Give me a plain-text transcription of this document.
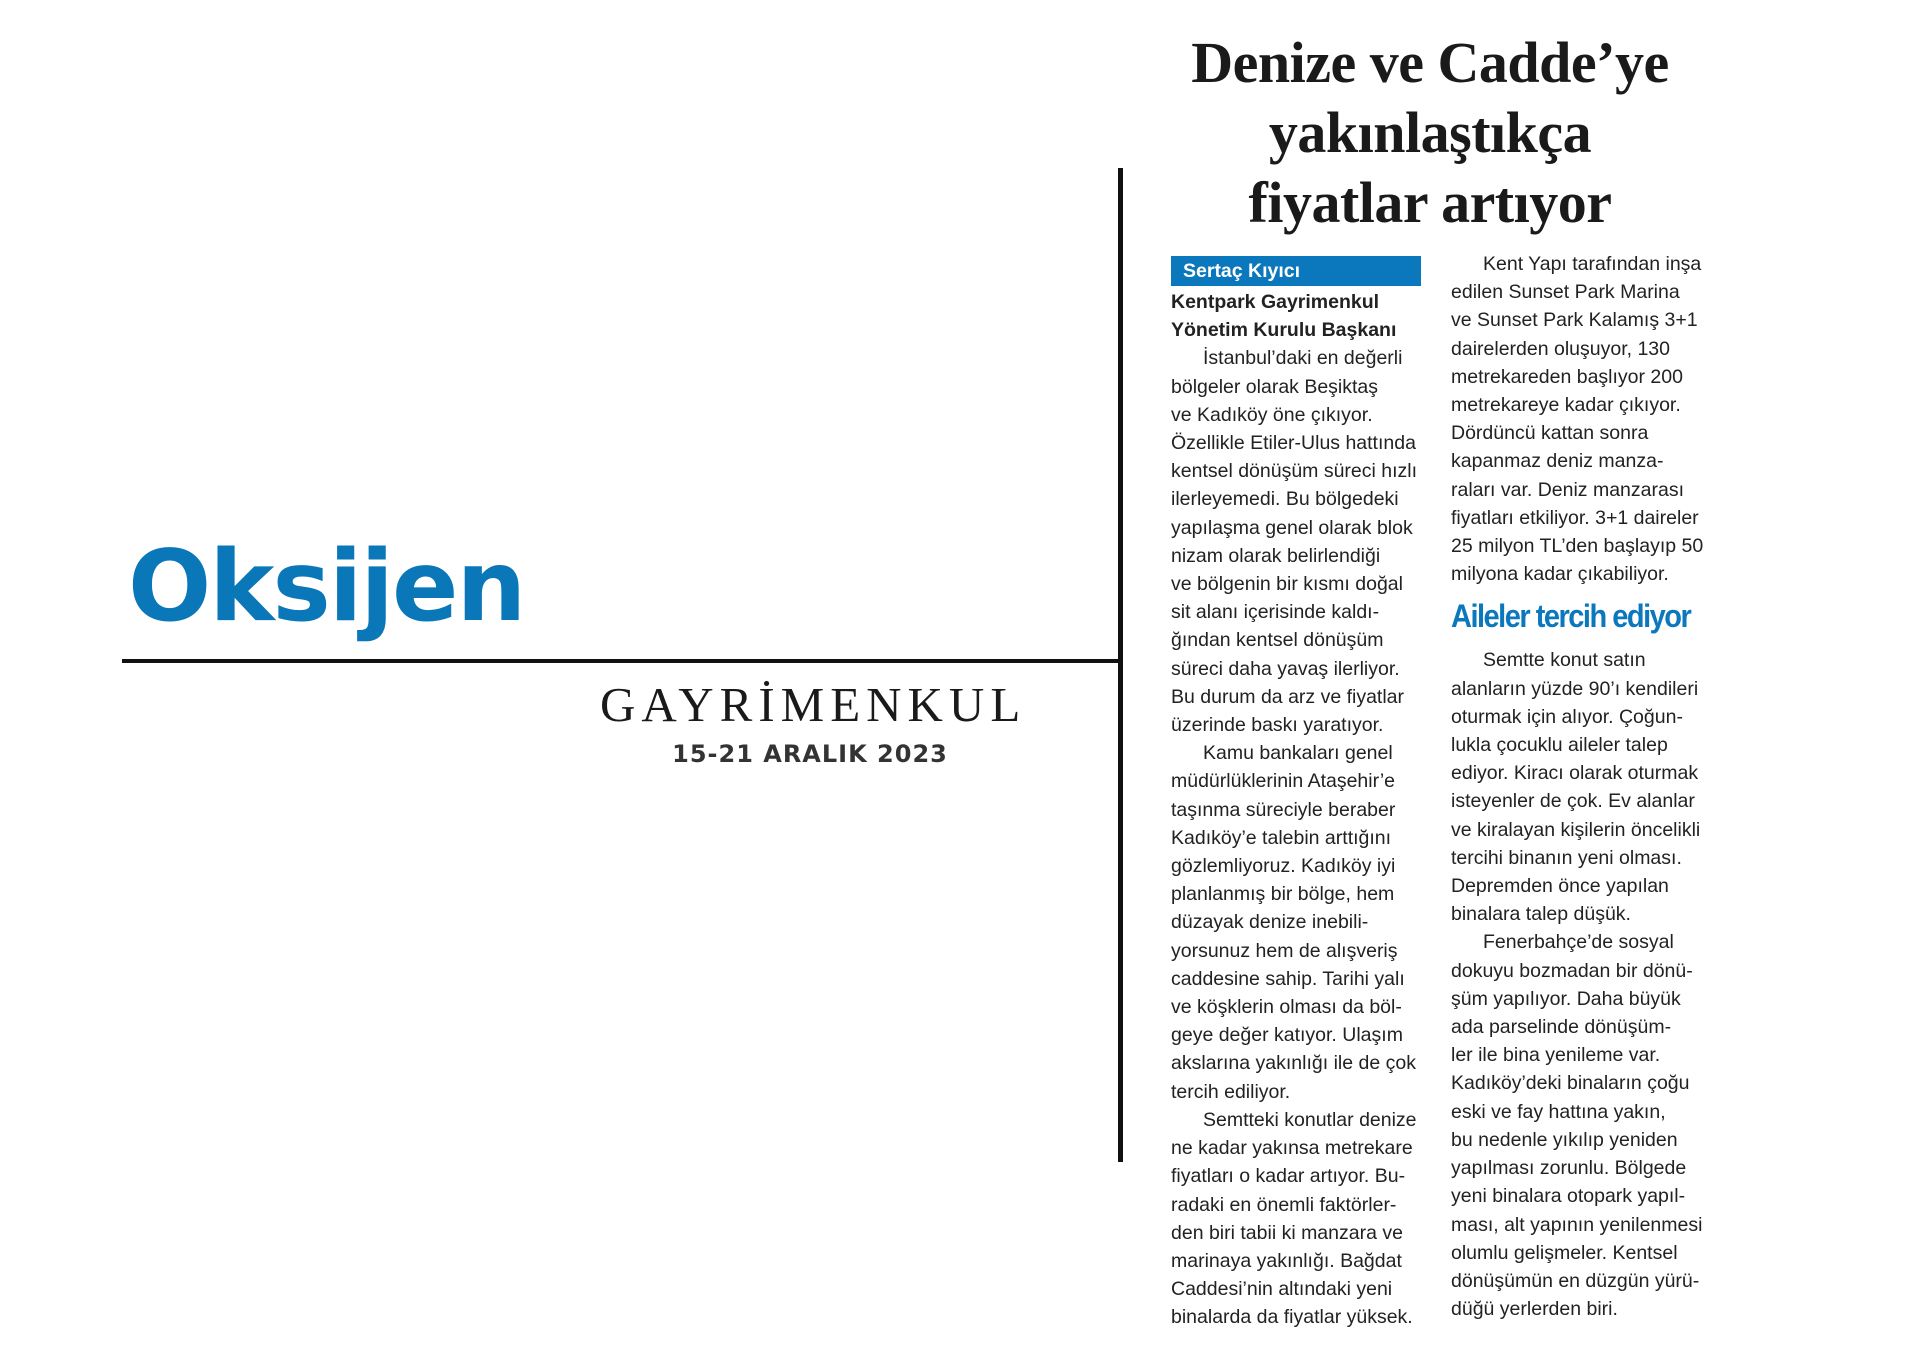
Oksijen
GAYRİMENKUL
15-21 ARALIK 2023
Denize ve Cadde’ye
yakınlaştıkça
fiyatlar artıyor
Sertaç Kıyıcı
Kentpark Gayrimenkul
Yönetim Kurulu Başkanı
İstanbul’daki en değerli
bölgeler olarak Beşiktaş
ve Kadıköy öne çıkıyor.
Özellikle Etiler-Ulus hattında
kentsel dönüşüm süreci hızlı
ilerleyemedi. Bu bölgedeki
yapılaşma genel olarak blok
nizam olarak belirlendiği
ve bölgenin bir kısmı doğal
sit alanı içerisinde kaldı-
ğından kentsel dönüşüm
süreci daha yavaş ilerliyor.
Bu durum da arz ve fiyatlar
üzerinde baskı yaratıyor.
Kamu bankaları genel
müdürlüklerinin Ataşehir’e
taşınma süreciyle beraber
Kadıköy’e talebin arttığını
gözlemliyoruz. Kadıköy iyi
planlanmış bir bölge, hem
düzayak denize inebili-
yorsunuz hem de alışveriş
caddesine sahip. Tarihi yalı
ve köşklerin olması da böl-
geye değer katıyor. Ulaşım
akslarına yakınlığı ile de çok
tercih ediliyor.
Semtteki konutlar denize
ne kadar yakınsa metrekare
fiyatları o kadar artıyor. Bu-
radaki en önemli faktörler-
den biri tabii ki manzara ve
marinaya yakınlığı. Bağdat
Caddesi’nin altındaki yeni
binalarda da fiyatlar yüksek.
Kent Yapı tarafından inşa
edilen Sunset Park Marina
ve Sunset Park Kalamış 3+1
dairelerden oluşuyor, 130
metrekareden başlıyor 200
metrekareye kadar çıkıyor.
Dördüncü kattan sonra
kapanmaz deniz manza-
raları var. Deniz manzarası
fiyatları etkiliyor. 3+1 daireler
25 milyon TL’den başlayıp 50
milyona kadar çıkabiliyor.
Aileler tercih ediyor
Semtte konut satın
alanların yüzde 90’ı kendileri
oturmak için alıyor. Çoğun-
lukla çocuklu aileler talep
ediyor. Kiracı olarak oturmak
isteyenler de çok. Ev alanlar
ve kiralayan kişilerin öncelikli
tercihi binanın yeni olması.
Depremden önce yapılan
binalara talep düşük.
Fenerbahçe’de sosyal
dokuyu bozmadan bir dönü-
şüm yapılıyor. Daha büyük
ada parselinde dönüşüm-
ler ile bina yenileme var.
Kadıköy’deki binaların çoğu
eski ve fay hattına yakın,
bu nedenle yıkılıp yeniden
yapılması zorunlu. Bölgede
yeni binalara otopark yapıl-
ması, alt yapının yenilenmesi
olumlu gelişmeler. Kentsel
dönüşümün en düzgün yürü-
düğü yerlerden biri.
